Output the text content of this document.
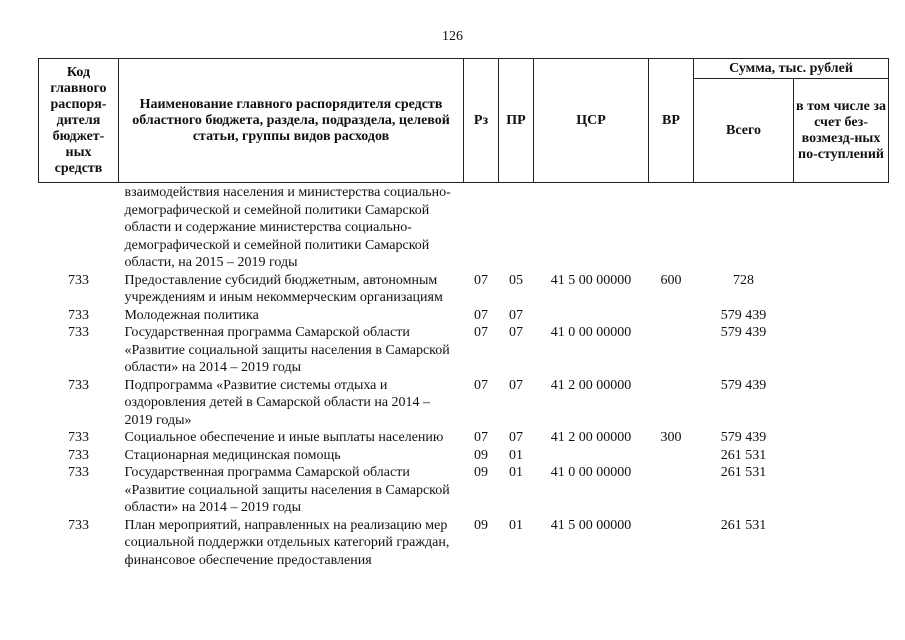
126
Код главного распоря-дителя бюджет-ных средств	Наименование главного распорядителя средств областного бюджета, раздела, подраздела, целевой статьи, группы видов расходов	Рз	ПР	ЦСР	ВР	Сумма, тыс. рублей	
						Всего	в том числе за счет без-возмезд-ных по-ступлений
	взаимодействия населения и министерства социально-демографической и семейной политики Самарской области и содержание министерства социально-демографической и семейной политики Самарской области, на 2015 – 2019 годы						
733	Предоставление субсидий бюджетным, автономным учреждениям и иным некоммерческим организациям	07	05	41 5 00 00000	600	728	
733	Молодежная политика	07	07			579 439	
733	Государственная программа Самарской области «Развитие социальной защиты населения в Самарской области» на 2014 – 2019 годы	07	07	41 0 00 00000		579 439	
733	Подпрограмма «Развитие системы отдыха и оздоровления детей в Самарской области на 2014 – 2019 годы»	07	07	41 2 00 00000		579 439	
733	Социальное обеспечение и иные выплаты населению	07	07	41 2 00 00000	300	579 439	
733	Стационарная медицинская помощь	09	01			261 531	
733	Государственная программа Самарской области «Развитие социальной защиты населения в Самарской области» на 2014 – 2019 годы	09	01	41 0 00 00000		261 531	
733	План мероприятий, направленных на реализацию мер социальной поддержки отдельных категорий граждан, финансовое обеспечение предоставления	09	01	41 5 00 00000		261 531	
